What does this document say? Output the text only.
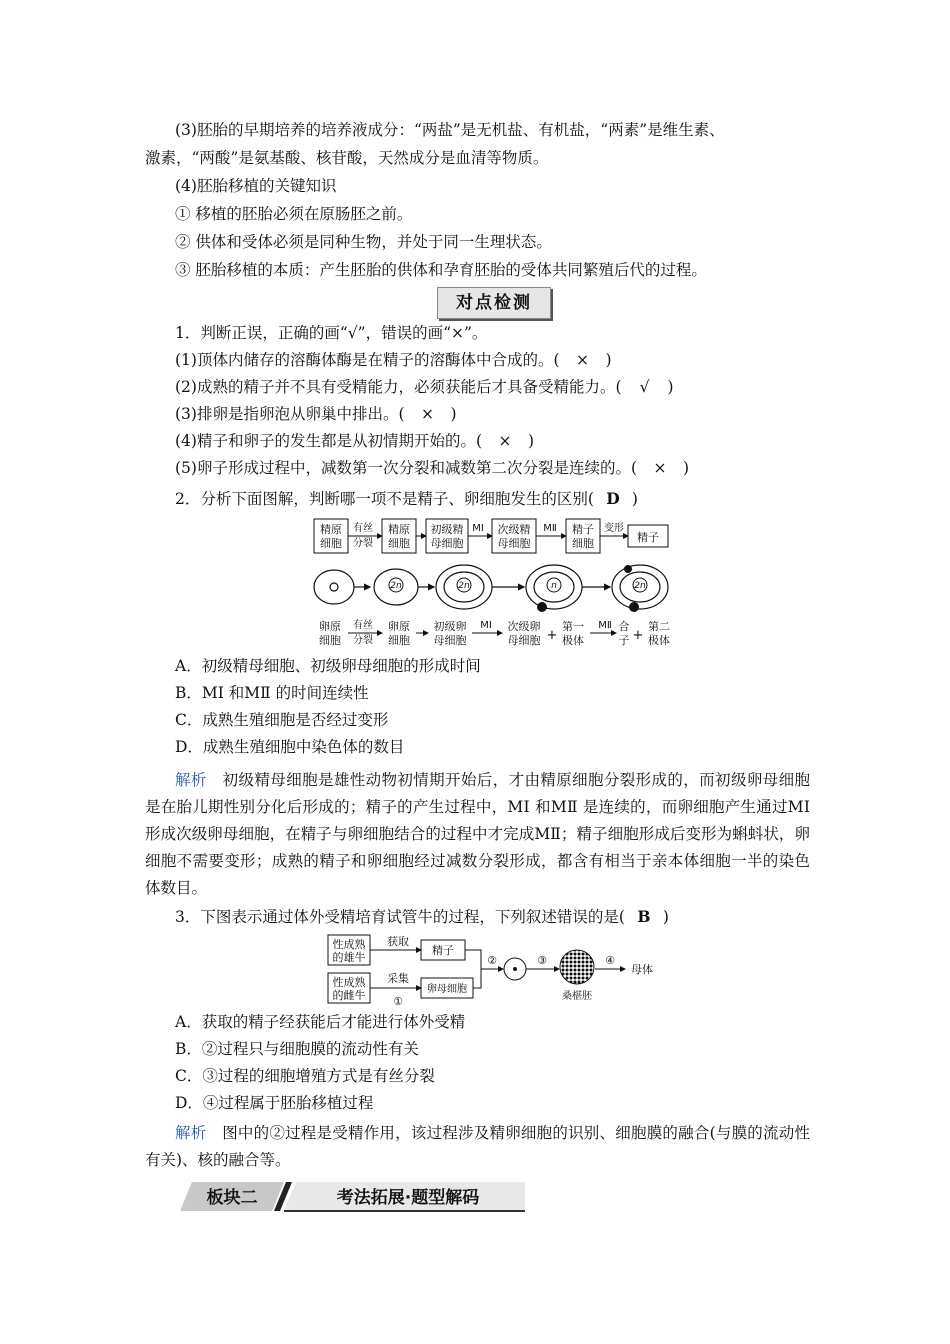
(3)胚胎的早期培养的培养液成分：“两盐”是无机盐、有机盐，“两素”是维生素、
激素，“两酸”是氨基酸、核苷酸，天然成分是血清等物质。
(4)胚胎移植的关键知识
① 移植的胚胎必须在原肠胚之前。
② 供体和受体必须是同种生物，并处于同一生理状态。
③ 胚胎移植的本质：产生胚胎的供体和孕育胚胎的受体共同繁殖后代的过程。
对点检测
1．判断正误，正确的画“√”，错误的画“×”。
(1)顶体内储存的溶酶体酶是在精子的溶酶体中合成的。( × )
(2)成熟的精子并不具有受精能力，必须获能后才具备受精能力。( √ )
(3)排卵是指卵泡从卵巢中排出。( × )
(4)精子和卵子的发生都是从初情期开始的。( × )
(5)卵子形成过程中，减数第一次分裂和减数第二次分裂是连续的。( × )
2．分析下面图解，判断哪一项不是精子、卵细胞发生的区别( D )
精原
细胞
有丝
分裂
精原
细胞
初级精
母细胞
MⅠ 次级精
母细胞
MⅡ 精子
细胞
变形
精子
2n	2n	n	2n
卵原
细胞
有丝
分裂
卵原
细胞
初级卵
母细胞
MⅠ 次级卵
母细胞 +
第一
极体
MⅡ 合
子 +
第二
极体
A．初级精母细胞、初级卵母细胞的形成时间
B．MⅠ 和MⅡ 的时间连续性
C．成熟生殖细胞是否经过变形
D．成熟生殖细胞中染色体的数目
解析　 初级精母细胞是雄性动物初情期开始后，才由精原细胞分裂形成的，而初级卵母细胞是在胎儿期性别分化后形成的；精子的产生过程中，MⅠ 和MⅡ 是连续的，而卵细胞产生通过MⅠ 形成次级卵母细胞，在精子与卵细胞结合的过程中才完成MⅡ；精子细胞形成后变形为蝌蚪状，卵细胞不需要变形；成熟的精子和卵细胞经过减数分裂形成，都含有相当于亲本体细胞一半的染色体数目。
3．下图表示通过体外受精培育试管牛的过程，下列叙述错误的是( B )
性成熟
的雄牛
获取
精子
性成熟
的雌牛
采集
①
卵母细胞
②	③
桑椹胚
④
母体
A．获取的精子经获能后才能进行体外受精
B．②过程只与细胞膜的流动性有关
C．③过程的细胞增殖方式是有丝分裂
D．④过程属于胚胎移植过程
解析　 图中的②过程是受精作用，该过程涉及精卵细胞的识别、细胞膜的融合(与膜的流动性有关)、核的融合等。
板块二	考法拓展·题型解码
